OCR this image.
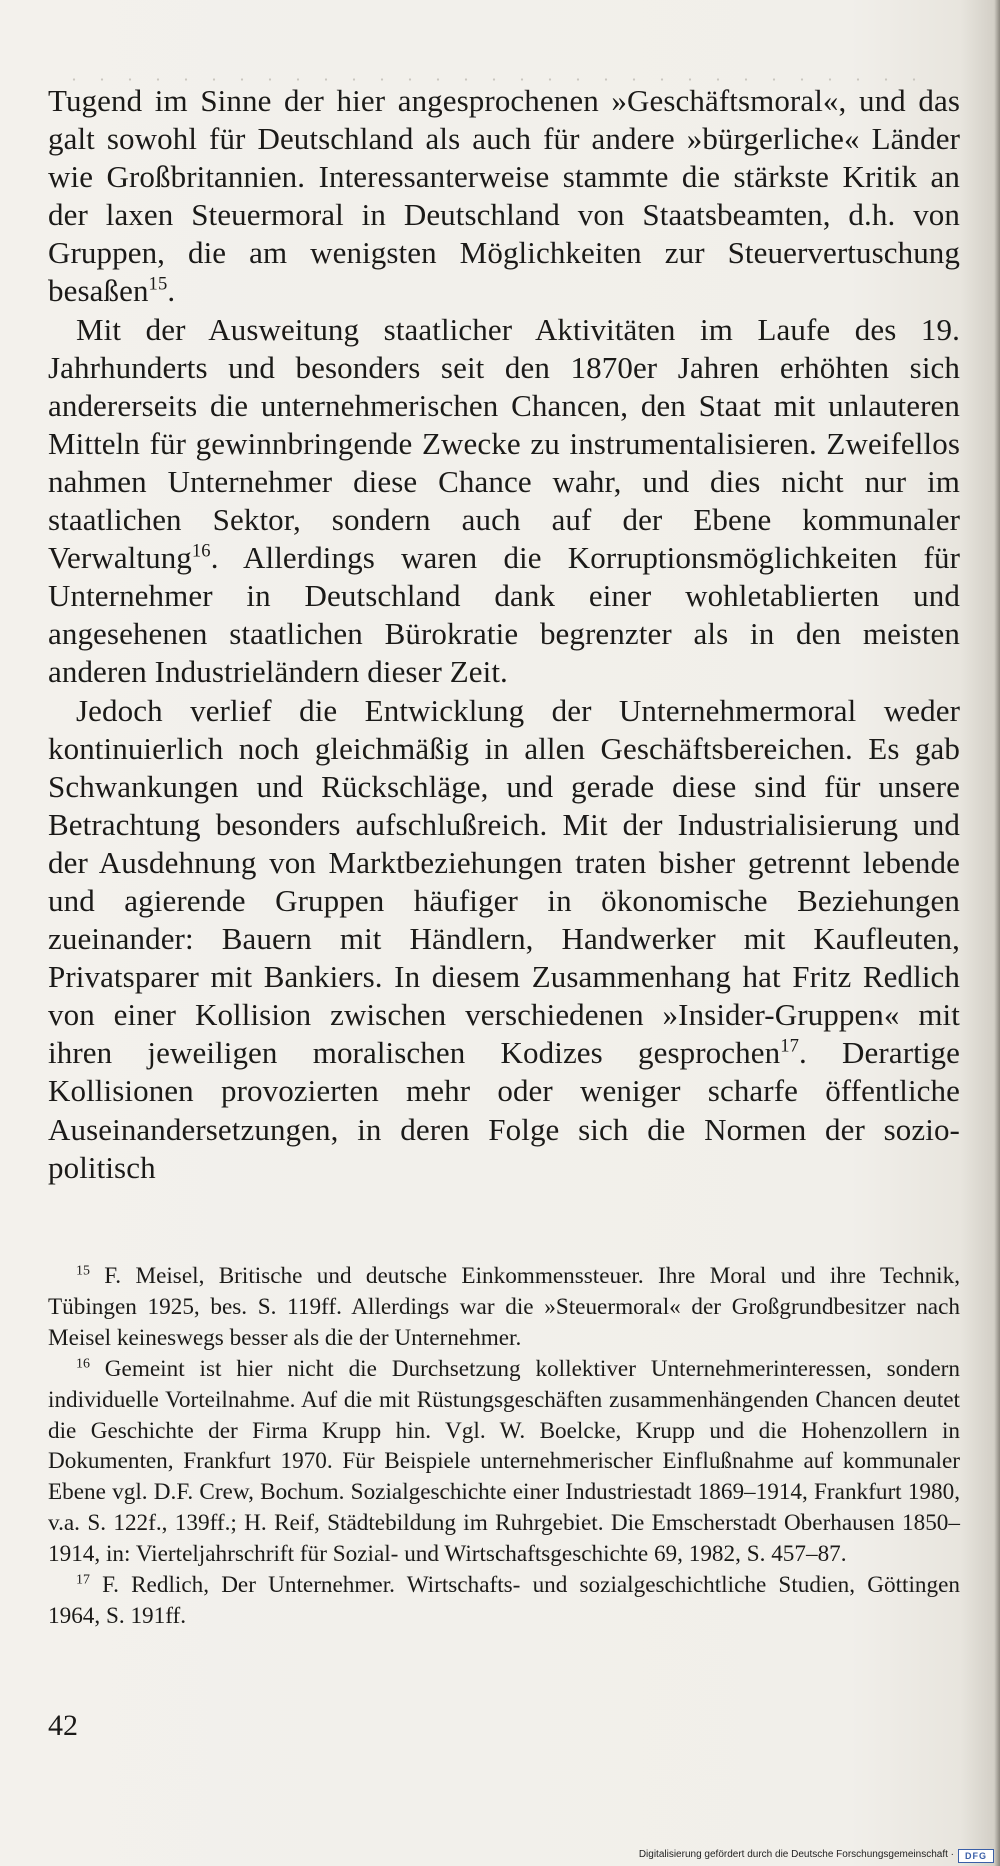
Tugend im Sinne der hier angesprochenen »Geschäftsmoral«, und das galt sowohl für Deutschland als auch für andere »bürgerliche« Länder wie Großbritannien. Interessanterweise stammte die stärkste Kritik an der laxen Steuermoral in Deutschland von Staatsbeamten, d.h. von Gruppen, die am wenigsten Möglichkeiten zur Steuervertuschung besaßen$^{15}$.

Mit der Ausweitung staatlicher Aktivitäten im Laufe des 19. Jahrhunderts und besonders seit den 1870er Jahren erhöhten sich andererseits die unternehmerischen Chancen, den Staat mit unlauteren Mitteln für gewinnbringende Zwecke zu instrumentalisieren. Zweifellos nahmen Unternehmer diese Chance wahr, und dies nicht nur im staatlichen Sektor, sondern auch auf der Ebene kommunaler Verwaltung$^{16}$. Allerdings waren die Korruptionsmöglichkeiten für Unternehmer in Deutschland dank einer wohletablierten und angesehenen staatlichen Bürokratie begrenzter als in den meisten anderen Industrieländern dieser Zeit.

Jedoch verlief die Entwicklung der Unternehmermoral weder kontinuierlich noch gleichmäßig in allen Geschäftsbereichen. Es gab Schwankungen und Rückschläge, und gerade diese sind für unsere Betrachtung besonders aufschlußreich. Mit der Industrialisierung und der Ausdehnung von Marktbeziehungen traten bisher getrennt lebende und agierende Gruppen häufiger in ökonomische Beziehungen zueinander: Bauern mit Händlern, Handwerker mit Kaufleuten, Privatsparer mit Bankiers. In diesem Zusammenhang hat Fritz Redlich von einer Kollision zwischen verschiedenen »Insider-Gruppen« mit ihren jeweiligen moralischen Kodizes gesprochen$^{17}$. Derartige Kollisionen provozierten mehr oder weniger scharfe öffentliche Auseinandersetzungen, in deren Folge sich die Normen der sozio-politisch

$^{15}$ F. Meisel, Britische und deutsche Einkommenssteuer. Ihre Moral und ihre Technik, Tübingen 1925, bes. S. 119ff. Allerdings war die »Steuermoral« der Großgrundbesitzer nach Meisel keineswegs besser als die der Unternehmer.

$^{16}$ Gemeint ist hier nicht die Durchsetzung kollektiver Unternehmerinteressen, sondern individuelle Vorteilnahme. Auf die mit Rüstungsgeschäften zusammenhängenden Chancen deutet die Geschichte der Firma Krupp hin. Vgl. W. Boelcke, Krupp und die Hohenzollern in Dokumenten, Frankfurt 1970. Für Beispiele unternehmerischer Einflußnahme auf kommunaler Ebene vgl. D.F. Crew, Bochum. Sozialgeschichte einer Industriestadt 1869–1914, Frankfurt 1980, v.a. S. 122f., 139ff.; H. Reif, Städtebildung im Ruhrgebiet. Die Emscherstadt Oberhausen 1850–1914, in: Vierteljahrschrift für Sozial- und Wirtschaftsgeschichte 69, 1982, S. 457–87.

$^{17}$ F. Redlich, Der Unternehmer. Wirtschafts- und sozialgeschichtliche Studien, Göttingen 1964, S. 191ff.

42
Digitalisierung gefördert durch die Deutsche Forschungsgemeinschaft ·	DFG
